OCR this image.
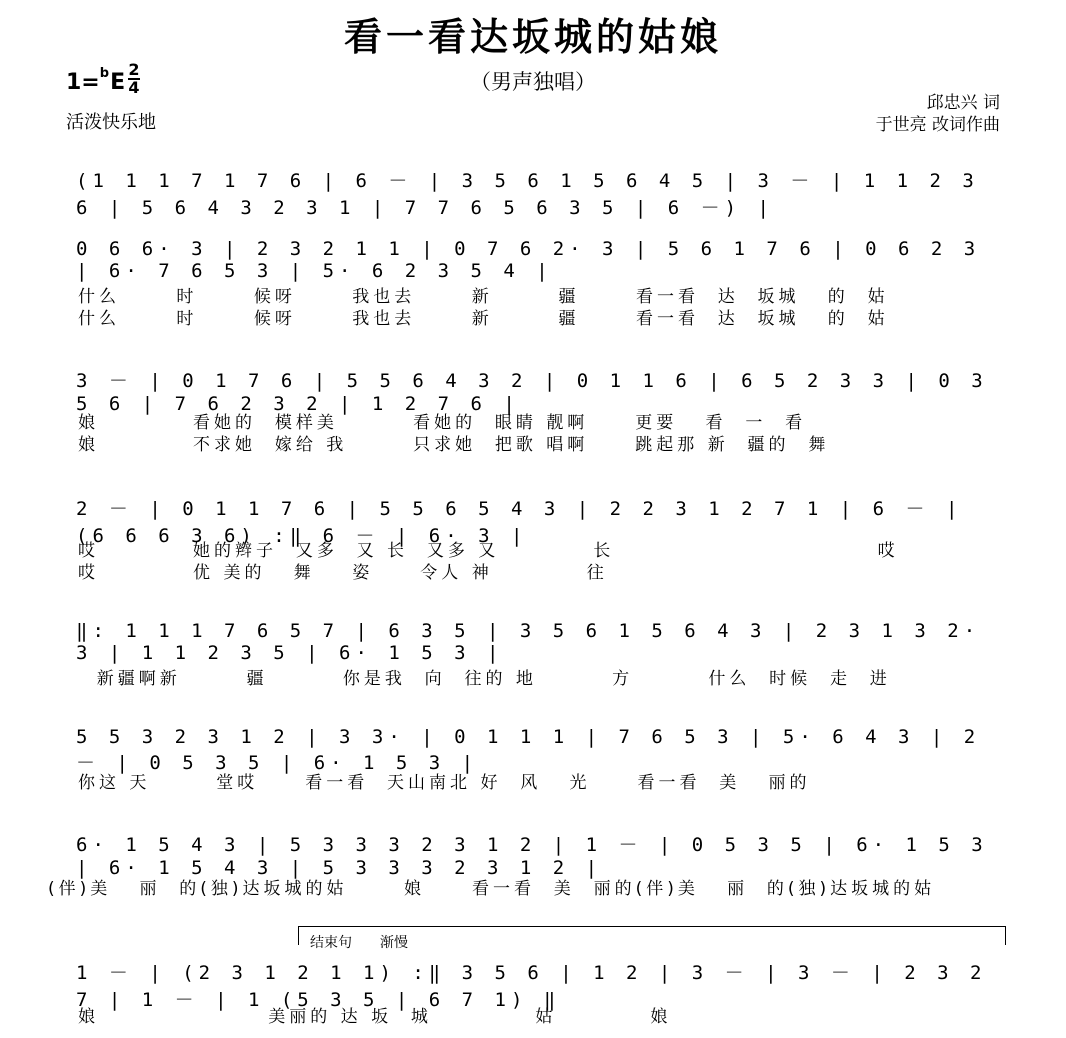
看一看达坂城的姑娘
（男声独唱）
1=$^b$E
2
4
活泼快乐地
邱忠兴 词
于世亮 改词作曲
(1 1 1 7 1 7 6 | 6 － | 3 5 6 1 5 6 4 5 | 3 － | 1 1 2 3 6 | 5 6 4 3 2 3 1 | 7 7 6 5 6 3 5 | 6 －) |
0 6 6· 3 | 2 3 2 1 1 | 0 7 6 2· 3 | 5 6 1 7 6 | 0 6 2 3 | 6· 7 6 5 3 | 5· 6 2 3 5 4 |
什么      时      候呀      我也去      新       疆      看一看  达  坂城   的  姑
什么      时      候呀      我也去      新       疆      看一看  达  坂城   的  姑
3 － | 0 1 7 6 | 5 5 6 4 3 2 | 0 1 1 6 | 6 5 2 3 3 | 0 3 5 6 | 7 6 2 3 2 | 1 2 7 6 |
娘          看她的  模样美        看她的  眼睛 靓啊     更要   看  一  看
娘          不求她  嫁给 我       只求她  把歌 唱啊     跳起那 新  疆的  舞
2 － | 0 1 1 7 6 | 5 5 6 5 4 3 | 2 2 3 1 2 7 1 | 6 － | (6 6 6 3 6) :‖ 6 － | 6· 3 |
哎          她的辫子  又多  又 长  又多 又          长                            哎
哎          优 美的   舞    姿     令人 神          往
‖: 1 1 1 7 6 5 7 | 6 3 5 | 3 5 6 1 5 6 4 3 | 2 3 1 3 2· 3 | 1 1 2 3 5 | 6· 1 5 3 |
新疆啊新       疆        你是我  向  往的 地        方        什么  时候  走  进
5 5 3 2 3 1 2 | 3 3· | 0 1 1 1 | 7 6 5 3 | 5· 6 4 3 | 2 － | 0 5 3 5 | 6· 1 5 3 |
你这 天       堂哎     看一看  天山南北 好  风   光     看一看  美   丽的
6· 1 5 4 3 | 5 3 3 3 2 3 1 2 | 1 － | 0 5 3 5 | 6· 1 5 3 | 6· 1 5 4 3 | 5 3 3 3 2 3 1 2 |
(伴)美   丽  的(独)达坂城的姑      娘     看一看  美  丽的(伴)美   丽  的(独)达坂城的姑
结束句 渐慢
1 － | (2 3 1 2 1 1) :‖ 3 5 6 | 1 2 | 3 － | 3 － | 2 3 2 7 | 1 － | 1 (5 3 5 | 6 7 1) ‖
娘                  美丽的 达 坂  城           姑          娘
